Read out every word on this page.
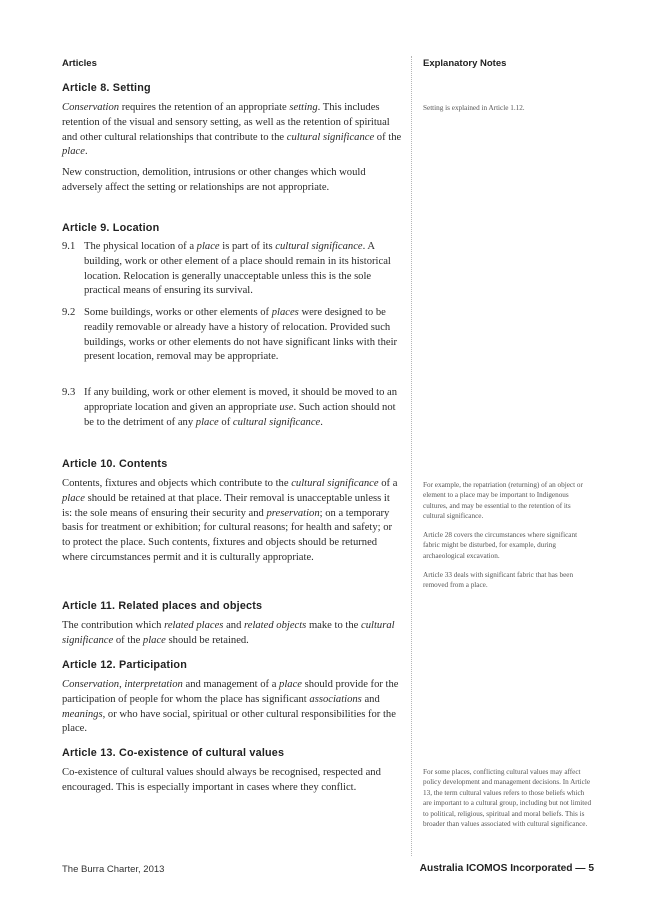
Articles	Explanatory Notes
Article 8. Setting

Conservation requires the retention of an appropriate setting. This includes retention of the visual and sensory setting, as well as the retention of spiritual and other cultural relationships that contribute to the cultural significance of the place.

New construction, demolition, intrusions or other changes which would adversely affect the setting or relationships are not appropriate.

Article 9. Location
9.1 The physical location of a place is part of its cultural significance. A building, work or other element of a place should remain in its historical location. Relocation is generally unacceptable unless this is the sole practical means of ensuring its survival.
9.2 Some buildings, works or other elements of places were designed to be readily removable or already have a history of relocation. Provided such buildings, works or other elements do not have significant links with their present location, removal may be appropriate.
9.3 If any building, work or other element is moved, it should be moved to an appropriate location and given an appropriate use. Such action should not be to the detriment of any place of cultural significance.
Article 10. Contents

Contents, fixtures and objects which contribute to the cultural significance of a place should be retained at that place. Their removal is unacceptable unless it is: the sole means of ensuring their security and preservation; on a temporary basis for treatment or exhibition; for cultural reasons; for health and safety; or to protect the place. Such contents, fixtures and objects should be returned where circumstances permit and it is culturally appropriate.

Article 11. Related places and objects

The contribution which related places and related objects make to the cultural significance of the place should be retained.

Article 12. Participation

Conservation, interpretation and management of a place should provide for the participation of people for whom the place has significant associations and meanings, or who have social, spiritual or other cultural responsibilities for the place.

Article 13. Co-existence of cultural values

Co-existence of cultural values should always be recognised, respected and encouraged. This is especially important in cases where they conflict.

Setting is explained in Article 1.12.

For example, the repatriation (returning) of an object or element to a place may be important to Indigenous cultures, and may be essential to the retention of its cultural significance.

Article 28 covers the circumstances where significant fabric might be disturbed, for example, during archaeological excavation.

Article 33 deals with significant fabric that has been removed from a place.

For some places, conflicting cultural values may affect policy development and management decisions. In Article 13, the term cultural values refers to those beliefs which are important to a cultural group, including but not limited to political, religious, spiritual and moral beliefs. This is broader than values associated with cultural significance.

The Burra Charter, 2013	Australia ICOMOS Incorporated — 5
